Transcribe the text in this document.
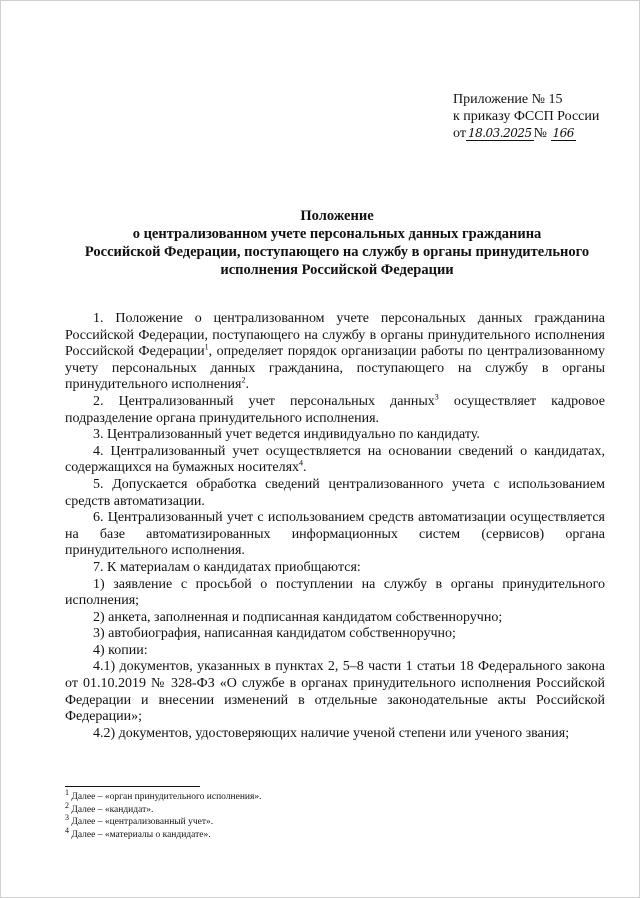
Приложение № 15
к приказу ФССП России
от 18.03.2025 № 166
Положение
о централизованном учете персональных данных гражданина
Российской Федерации, поступающего на службу в органы принудительного
исполнения Российской Федерации

1. Положение о централизованном учете персональных данных гражданина Российской Федерации, поступающего на службу в органы принудительного исполнения Российской Федерации$^1$, определяет порядок организации работы по централизованному учету персональных данных гражданина, поступающего на службу в органы принудительного исполнения$^2$.

2. Централизованный учет персональных данных$^3$ осуществляет кадровое подразделение органа принудительного исполнения.

3. Централизованный учет ведется индивидуально по кандидату.

4. Централизованный учет осуществляется на основании сведений о кандидатах, содержащихся на бумажных носителях$^4$.

5. Допускается обработка сведений централизованного учета с использованием средств автоматизации.

6. Централизованный учет с использованием средств автоматизации осуществляется на базе автоматизированных информационных систем (сервисов) органа принудительного исполнения.

7. К материалам о кандидатах приобщаются:

1) заявление с просьбой о поступлении на службу в органы принудительного исполнения;

2) анкета, заполненная и подписанная кандидатом собственноручно;

3) автобиография, написанная кандидатом собственноручно;

4) копии:

4.1) документов, указанных в пунктах 2, 5–8 части 1 статьи 18 Федерального закона от 01.10.2019 № 328-ФЗ «О службе в органах принудительного исполнения Российской Федерации и внесении изменений в отдельные законодательные акты Российской Федерации»;

4.2) документов, удостоверяющих наличие ученой степени или ученого звания;

$^1$ Далее – «орган принудительного исполнения».
$^2$ Далее – «кандидат».
$^3$ Далее – «централизованный учет».
$^4$ Далее – «материалы о кандидате».
